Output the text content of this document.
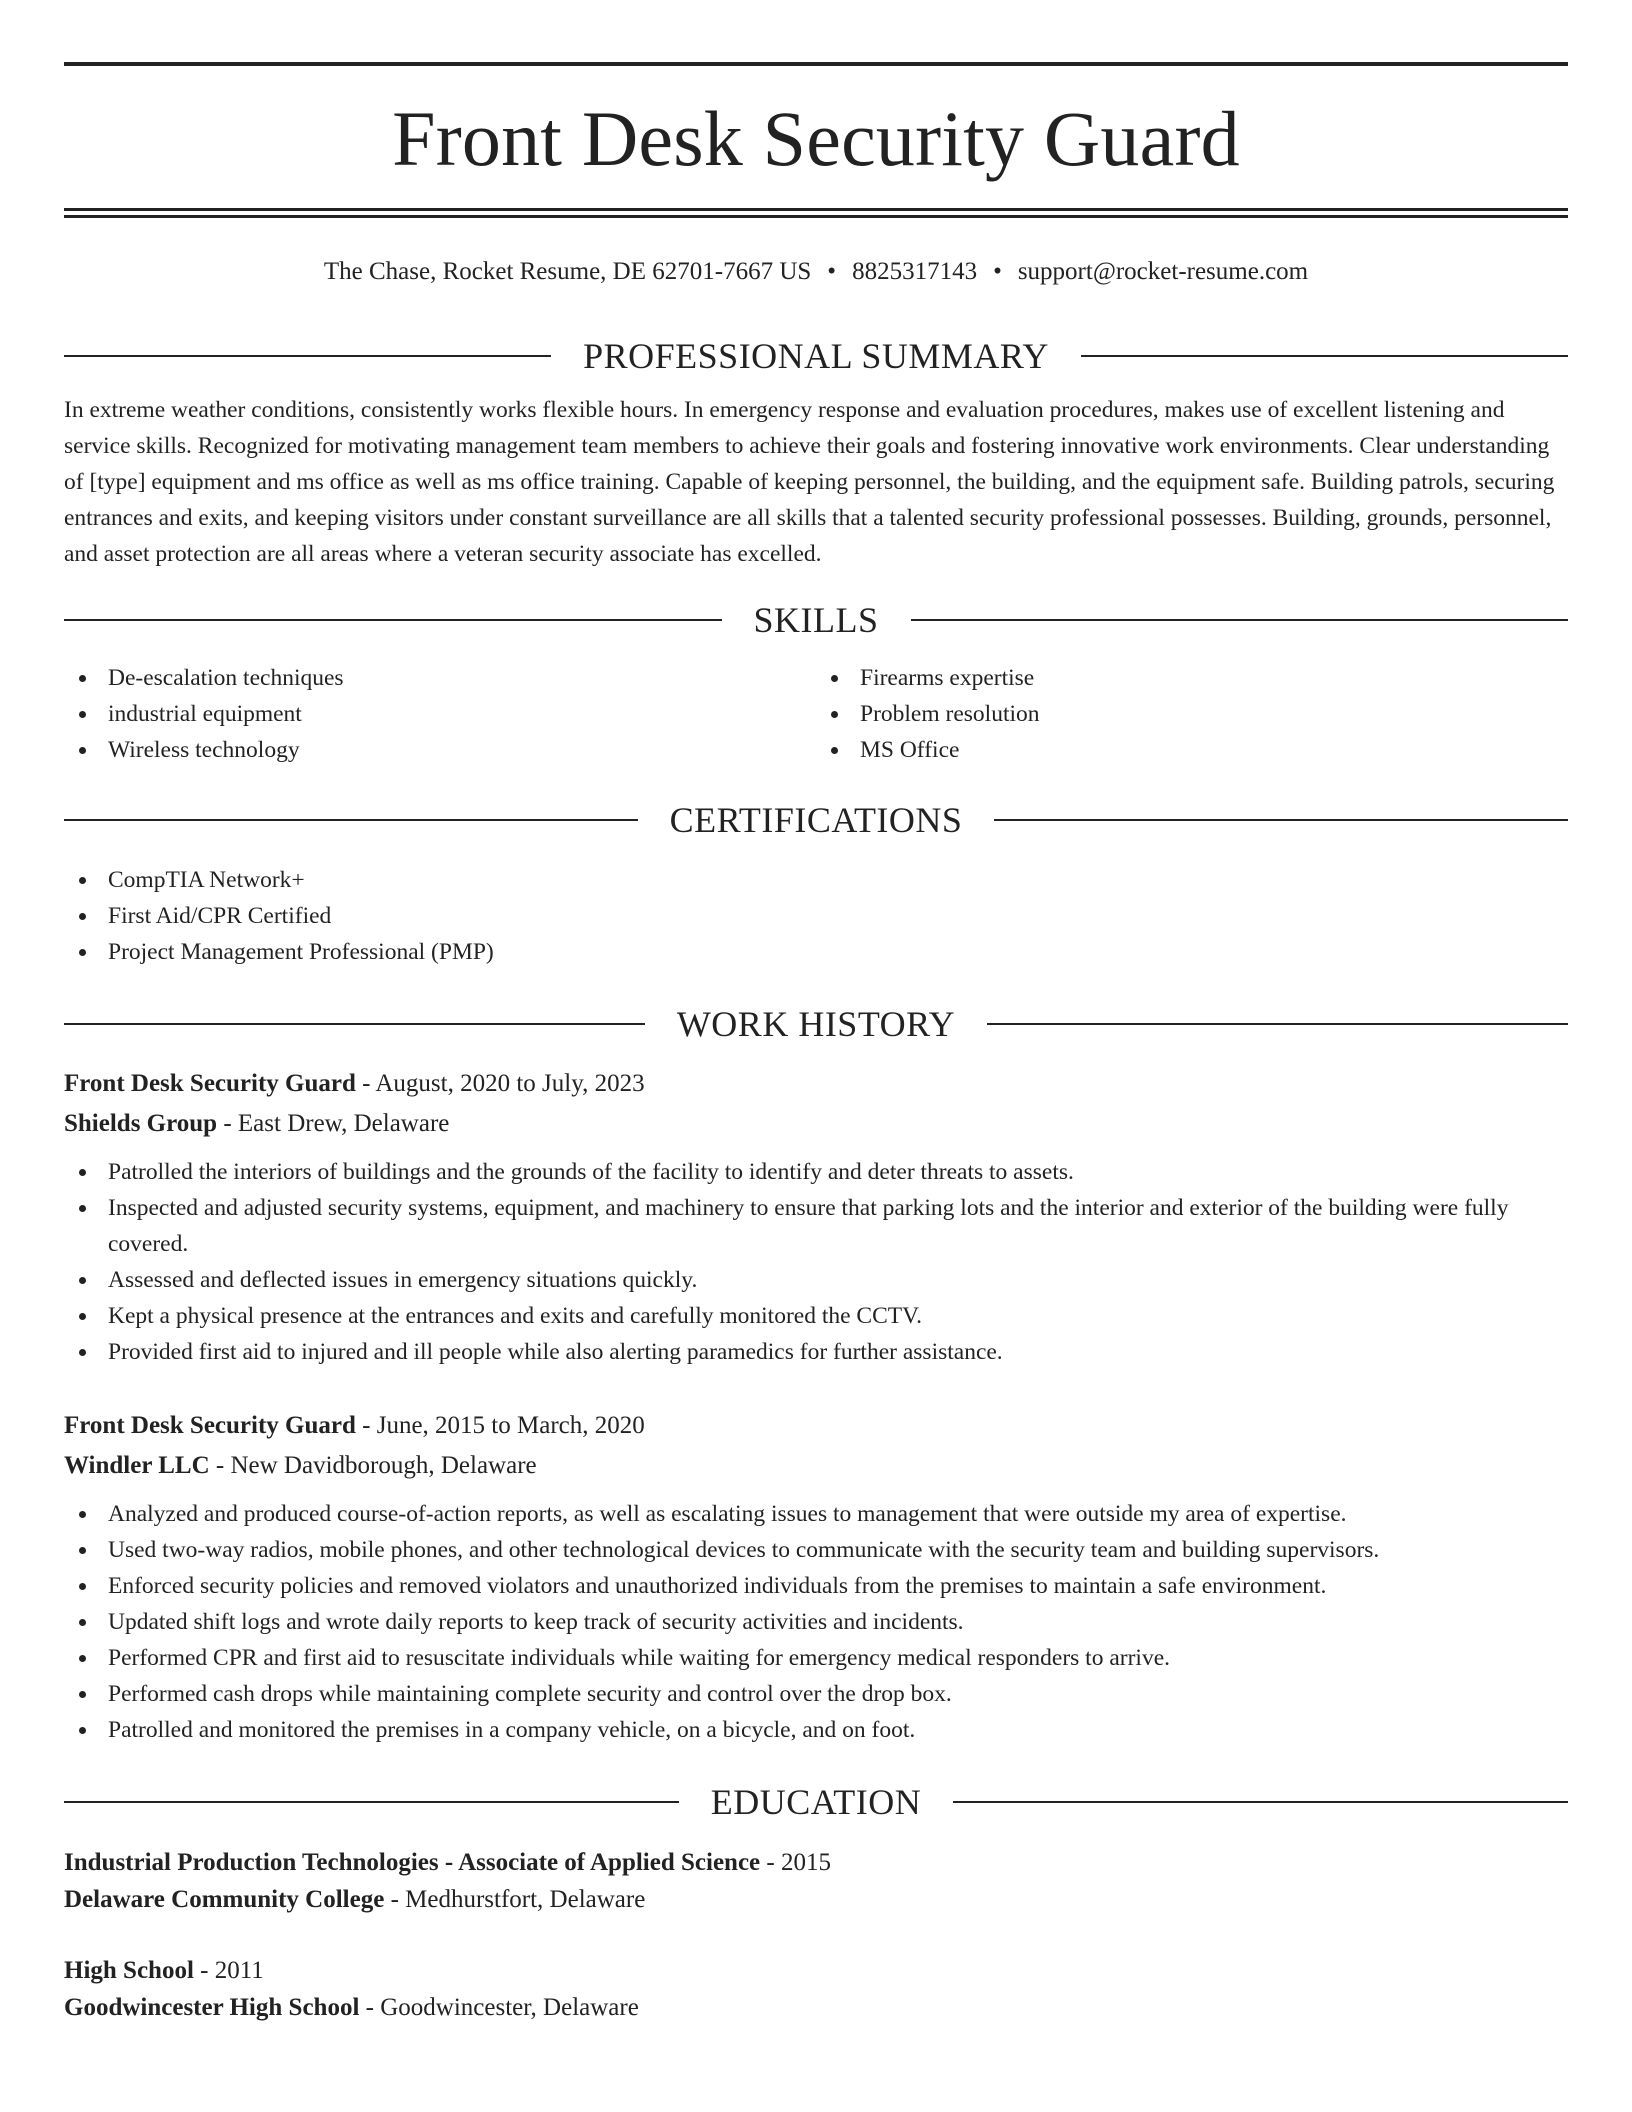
Front Desk Security Guard
The Chase, Rocket Resume, DE 62701-7667 US • 8825317143 • support@rocket-resume.com
PROFESSIONAL SUMMARY

In extreme weather conditions, consistently works flexible hours. In emergency response and evaluation procedures, makes use of excellent listening and service skills. Recognized for motivating management team members to achieve their goals and fostering innovative work environments. Clear understanding of [type] equipment and ms office as well as ms office training. Capable of keeping personnel, the building, and the equipment safe. Building patrols, securing entrances and exits, and keeping visitors under constant surveillance are all skills that a talented security professional possesses. Building, grounds, personnel, and asset protection are all areas where a veteran security associate has excelled.

SKILLS
De-escalation techniques
industrial equipment
Wireless technology
Firearms expertise
Problem resolution
MS Office
CERTIFICATIONS
CompTIA Network+
First Aid/CPR Certified
Project Management Professional (PMP)
WORK HISTORY
Front Desk Security Guard - August, 2020 to July, 2023
Shields Group - East Drew, Delaware
Patrolled the interiors of buildings and the grounds of the facility to identify and deter threats to assets.
Inspected and adjusted security systems, equipment, and machinery to ensure that parking lots and the interior and exterior of the building were fully covered.
Assessed and deflected issues in emergency situations quickly.
Kept a physical presence at the entrances and exits and carefully monitored the CCTV.
Provided first aid to injured and ill people while also alerting paramedics for further assistance.
Front Desk Security Guard - June, 2015 to March, 2020
Windler LLC - New Davidborough, Delaware
Analyzed and produced course-of-action reports, as well as escalating issues to management that were outside my area of expertise.
Used two-way radios, mobile phones, and other technological devices to communicate with the security team and building supervisors.
Enforced security policies and removed violators and unauthorized individuals from the premises to maintain a safe environment.
Updated shift logs and wrote daily reports to keep track of security activities and incidents.
Performed CPR and first aid to resuscitate individuals while waiting for emergency medical responders to arrive.
Performed cash drops while maintaining complete security and control over the drop box.
Patrolled and monitored the premises in a company vehicle, on a bicycle, and on foot.
EDUCATION
Industrial Production Technologies - Associate of Applied Science - 2015
Delaware Community College - Medhurstfort, Delaware
High School - 2011
Goodwincester High School - Goodwincester, Delaware
